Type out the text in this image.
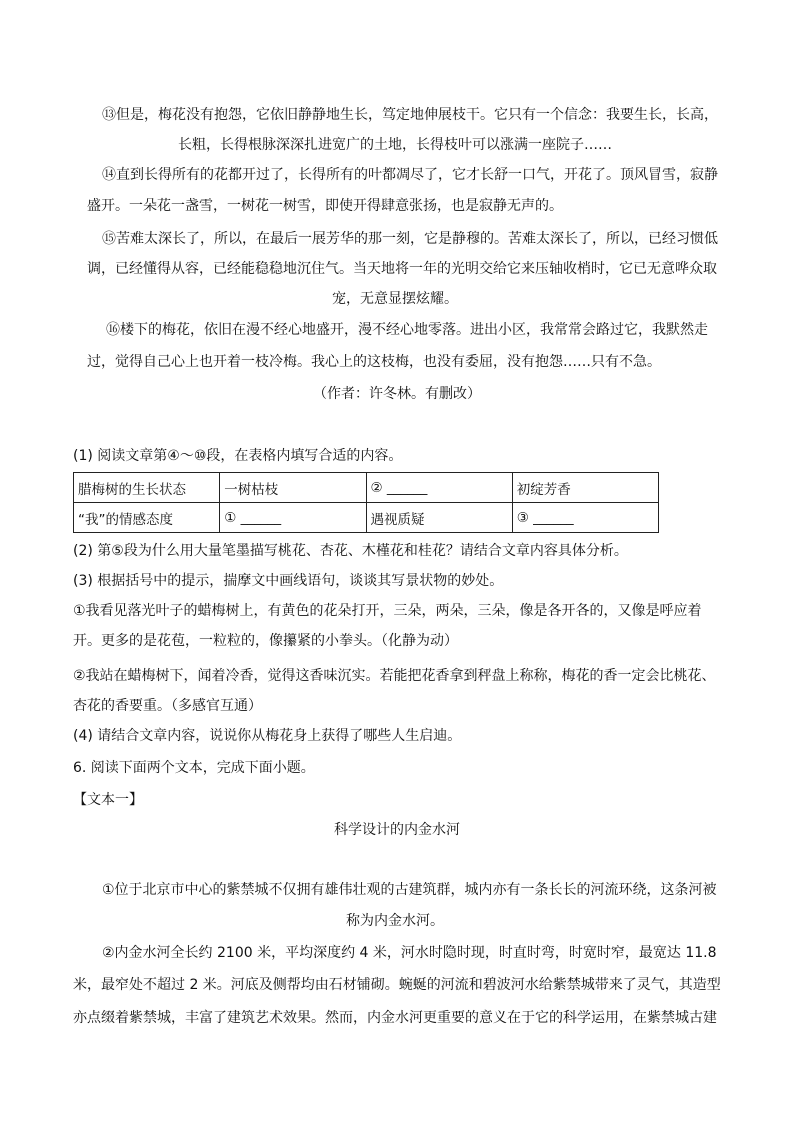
⑬但是，梅花没有抱怨，它依旧静静地生长，笃定地伸展枝干。它只有一个信念：我要生长，长高，
长粗，长得根脉深深扎进宽广的土地，长得枝叶可以涨满一座院子……
⑭直到长得所有的花都开过了，长得所有的叶都凋尽了，它才长舒一口气，开花了。顶风冒雪，寂静
盛开。一朵花一盏雪，一树花一树雪，即使开得肆意张扬，也是寂静无声的。
⑮苦难太深长了，所以，在最后一展芳华的那一刻，它是静穆的。苦难太深长了，所以，已经习惯低
调，已经懂得从容，已经能稳稳地沉住气。当天地将一年的光明交给它来压轴收梢时，它已无意哗众取
宠，无意显摆炫耀。
⑯楼下的梅花，依旧在漫不经心地盛开，漫不经心地零落。进出小区，我常常会路过它，我默然走
过，觉得自己心上也开着一枝冷梅。我心上的这枝梅，也没有委屈，没有抱怨……只有不急。
（作者：许冬林。有删改）
(1) 阅读文章第④～⑩段，在表格内填写合适的内容。
腊梅树的生长状态	一树枯枝	② ______	初绽芳香
“我”的情感态度	① ______	遇视质疑	③ ______
(2) 第⑤段为什么用大量笔墨描写桃花、杏花、木槿花和桂花？请结合文章内容具体分析。
(3) 根据括号中的提示，揣摩文中画线语句，谈谈其写景状物的妙处。
①我看见落光叶子的蜡梅树上，有黄色的花朵打开，三朵，两朵，三朵，像是各开各的，又像是呼应着
开。更多的是花苞，一粒粒的，像攥紧的小拳头。（化静为动）
②我站在蜡梅树下，闻着冷香，觉得这香味沉实。若能把花香拿到秤盘上称称，梅花的香一定会比桃花、
杏花的香要重。（多感官互通）
(4) 请结合文章内容，说说你从梅花身上获得了哪些人生启迪。
6. 阅读下面两个文本，完成下面小题。
【文本一】
科学设计的内金水河
①位于北京市中心的紫禁城不仅拥有雄伟壮观的古建筑群，城内亦有一条长长的河流环绕，这条河被
称为内金水河。
②内金水河全长约 2100 米，平均深度约 4 米，河水时隐时现，时直时弯，时宽时窄，最宽达 11.8
米，最窄处不超过 2 米。河底及侧帮均由石材铺砌。蜿蜒的河流和碧波河水给紫禁城带来了灵气，其造型
亦点缀着紫禁城，丰富了建筑艺术效果。然而，内金水河更重要的意义在于它的科学运用，在紫禁城古建
